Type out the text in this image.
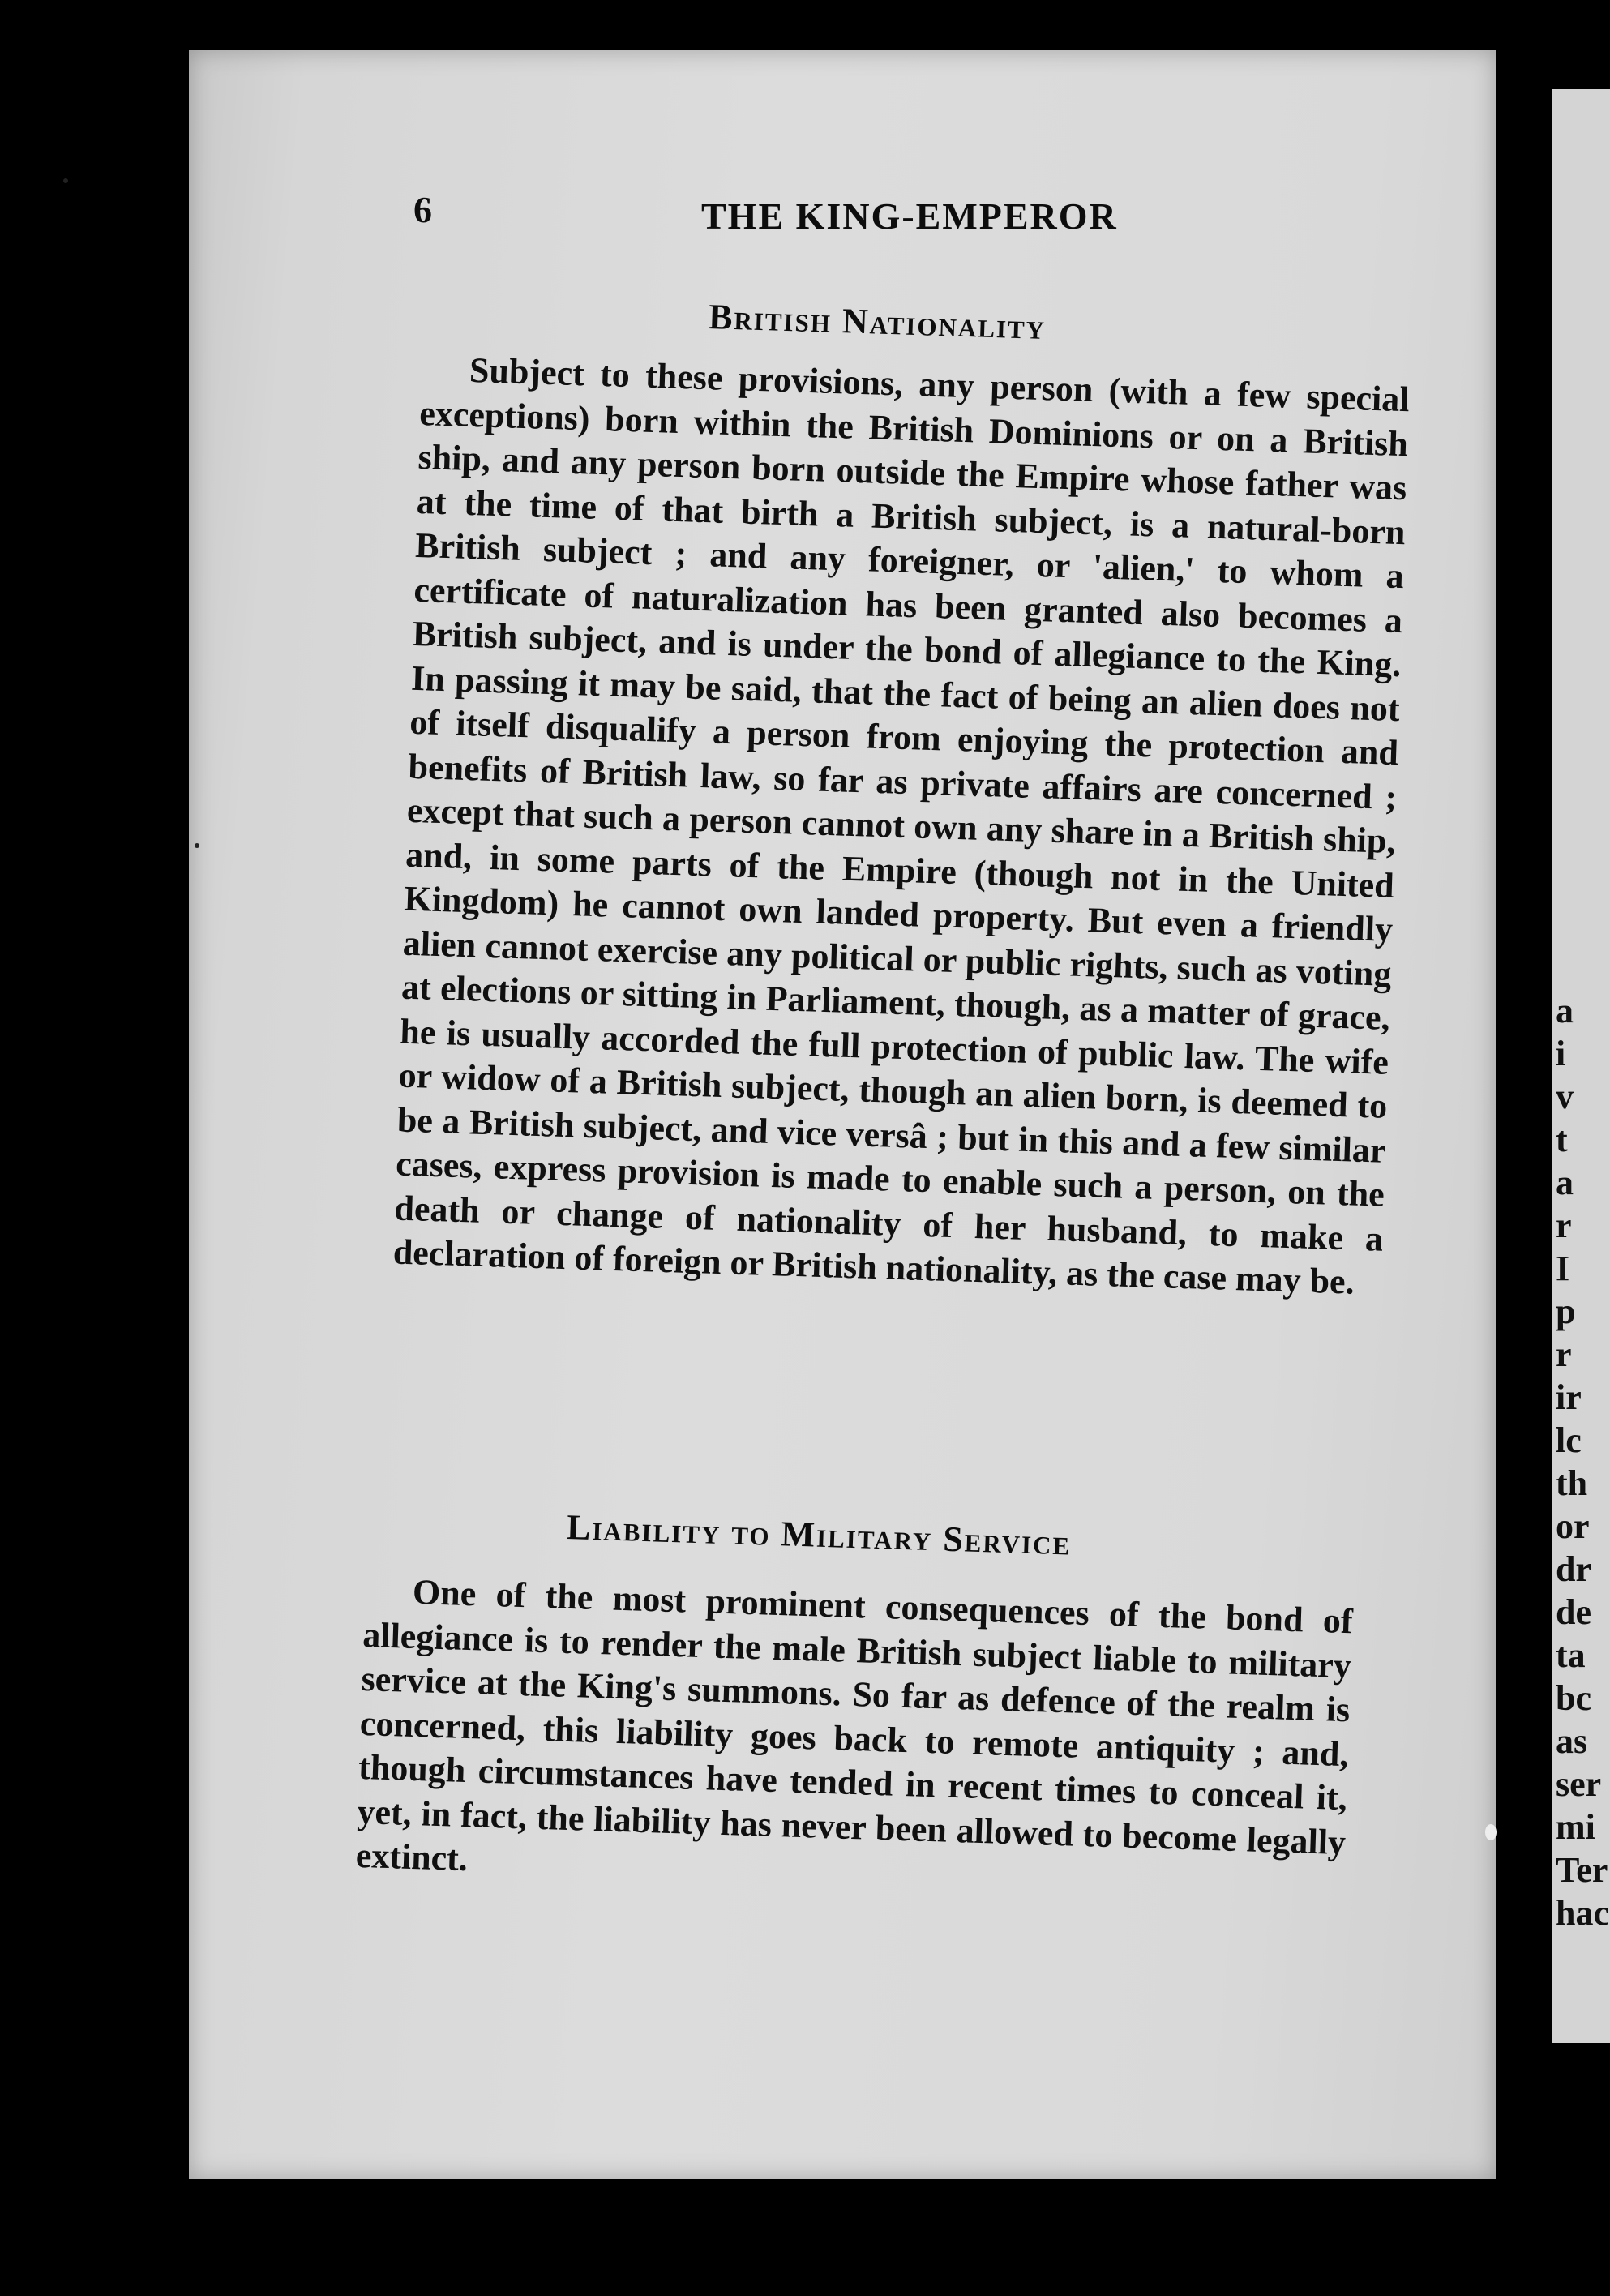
a
i
v
t
a
r
I
p
r
ir
lc
th
or
dr
de
ta
bc
as
ser
mi
Ter
hac
6	THE KING-EMPEROR
British Nationality
Subject to these provisions, any person (with a few special exceptions) born within the British Dominions or on a British ship, and any person born outside the Empire whose father was at the time of that birth a British subject, is a natural-born British subject ; and any foreigner, or 'alien,' to whom a certificate of naturalization has been granted also becomes a British subject, and is under the bond of allegiance to the King. In passing it may be said, that the fact of being an alien does not of itself disqualify a person from enjoying the protection and benefits of British law, so far as private affairs are concerned ; except that such a person cannot own any share in a British ship, and, in some parts of the Empire (though not in the United Kingdom) he cannot own landed property. But even a friendly alien cannot exercise any political or public rights, such as voting at elections or sitting in Parliament, though, as a matter of grace, he is usually accorded the full protection of public law. The wife or widow of a British subject, though an alien born, is deemed to be a British subject, and vice versâ ; but in this and a few similar cases, express provision is made to enable such a person, on the death or change of nationality of her husband, to make a declaration of foreign or British nationality, as the case may be.
Liability to Military Service
One of the most prominent consequences of the bond of allegiance is to render the male British subject liable to military service at the King's summons. So far as defence of the realm is concerned, this liability goes back to remote antiquity ; and, though circumstances have tended in recent times to conceal it, yet, in fact, the liability has never been allowed to become legally extinct.
